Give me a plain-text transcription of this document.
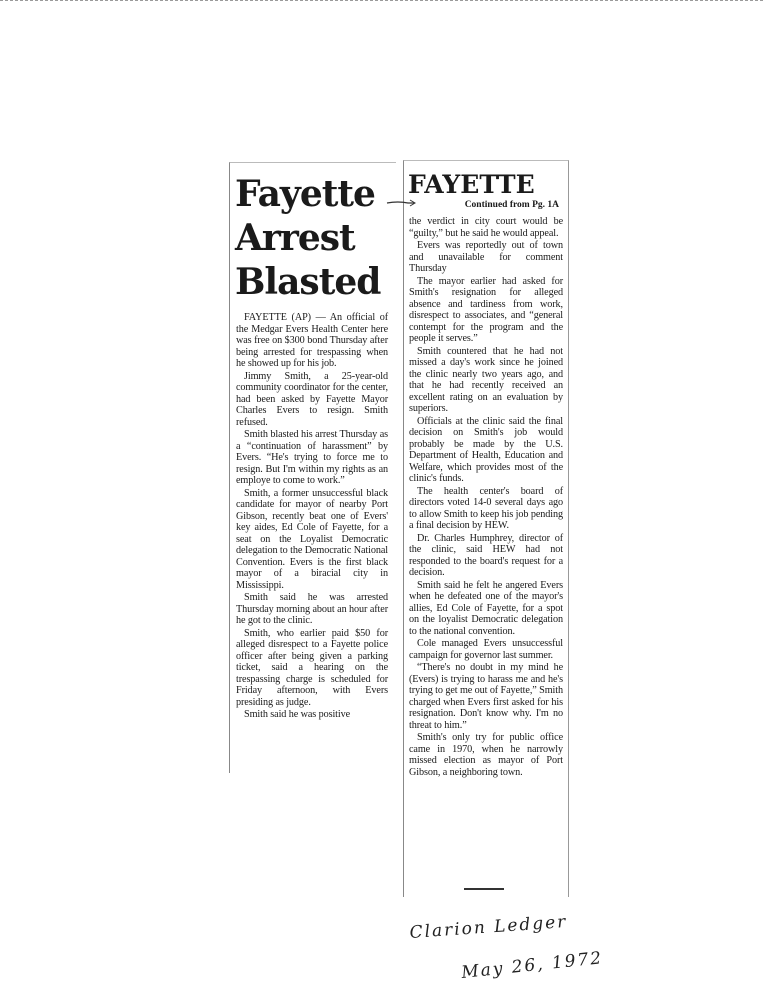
Fayette
Arrest
Blasted

FAYETTE (AP) — An official of the Medgar Evers Health Center here was free on $300 bond Thursday after being arrested for trespassing when he showed up for his job.

Jimmy Smith, a 25-year-old community coordinator for the center, had been asked by Fayette Mayor Charles Evers to resign. Smith refused.

Smith blasted his arrest Thursday as a “continuation of harassment” by Evers. “He's trying to force me to resign. But I'm within my rights as an employe to come to work.”

Smith, a former unsuccessful black candidate for mayor of nearby Port Gibson, recently beat one of Evers' key aides, Ed Cole of Fayette, for a seat on the Loyalist Democratic delegation to the Democratic National Convention. Evers is the first black mayor of a biracial city in Mississippi.

Smith said he was arrested Thursday morning about an hour after he got to the clinic.

Smith, who earlier paid $50 for alleged disrespect to a Fayette police officer after being given a parking ticket, said a hearing on the trespassing charge is scheduled for Friday afternoon, with Evers presiding as judge.

Smith said he was positive

FAYETTE
Continued from Pg. 1A

the verdict in city court would be “guilty,” but he said he would appeal.

Evers was reportedly out of town and unavailable for comment Thursday

The mayor earlier had asked for Smith's resignation for alleged absence and tardiness from work, disrespect to associates, and “general contempt for the program and the people it serves.”

Smith countered that he had not missed a day's work since he joined the clinic nearly two years ago, and that he had recently received an excellent rating on an evaluation by superiors.

Officials at the clinic said the final decision on Smith's job would probably be made by the U.S. Department of Health, Education and Welfare, which provides most of the clinic's funds.

The health center's board of directors voted 14-0 several days ago to allow Smith to keep his job pending a final decision by HEW.

Dr. Charles Humphrey, director of the clinic, said HEW had not responded to the board's request for a decision.

Smith said he felt he angered Evers when he defeated one of the mayor's allies, Ed Cole of Fayette, for a spot on the loyalist Democratic delegation to the national convention.

Cole managed Evers unsuccessful campaign for governor last summer.

“There's no doubt in my mind he (Evers) is trying to harass me and he's trying to get me out of Fayette,” Smith charged when Evers first asked for his resignation. Don't know why. I'm no threat to him.”

Smith's only try for public office came in 1970, when he narrowly missed election as mayor of Port Gibson, a neighboring town.

Clarion Ledger
May 26, 1972
